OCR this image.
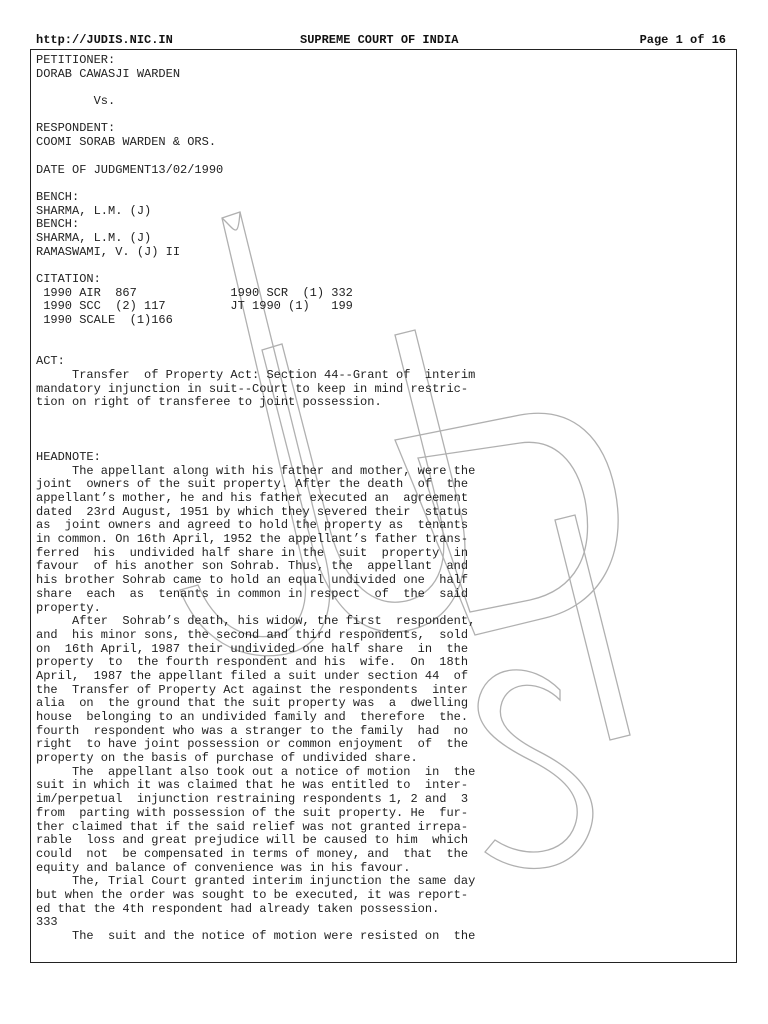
http://JUDIS.NIC.IN	SUPREME COURT OF INDIA	Page 1 of 16
PETITIONER:
DORAB CAWASJI WARDEN
Vs.
RESPONDENT:
COOMI SORAB WARDEN & ORS.
DATE OF JUDGMENT13/02/1990
BENCH:
SHARMA, L.M. (J)
BENCH:
SHARMA, L.M. (J)
RAMASWAMI, V. (J) II
CITATION:
1990 AIR  867             1990 SCR  (1) 332
1990 SCC  (2) 117         JT 1990 (1)   199
1990 SCALE  (1)166
ACT:
Transfer  of Property Act: Section 44--Grant of  interim
mandatory injunction in suit--Court to keep in mind restric-
tion on right of transferee to joint possession.
HEADNOTE:
The appellant along with his father and mother, were the
joint  owners of the suit property. After the death  of  the
appellant’s mother, he and his father executed an  agreement
dated  23rd August, 1951 by which they severed their  status
as  joint owners and agreed to hold the property as  tenants
in common. On 16th April, 1952 the appellant’s father trans-
ferred  his  undivided half share in the  suit  property  in
favour  of his another son Sohrab. Thus, the  appellant  and
his brother Sohrab came to hold an equal undivided one  half
share  each  as  tenants in common in respect  of  the  said
property.
After  Sohrab’s death, his widow, the first  respondent,
and  his minor sons, the second and third respondents,  sold
on  16th April, 1987 their undivided one half share  in  the
property  to  the fourth respondent and his  wife.  On  18th
April,  1987 the appellant filed a suit under section 44  of
the  Transfer of Property Act against the respondents  inter
alia  on  the ground that the suit property was  a  dwelling
house  belonging to an undivided family and  therefore  the.
fourth  respondent who was a stranger to the family  had  no
right  to have joint possession or common enjoyment  of  the
property on the basis of purchase of undivided share.
The  appellant also took out a notice of motion  in  the
suit in which it was claimed that he was entitled to  inter-
im/perpetual  injunction restraining respondents 1, 2 and  3
from  parting with possession of the suit property. He  fur-
ther claimed that if the said relief was not granted irrepa-
rable  loss and great prejudice will be caused to him  which
could  not  be compensated in terms of money, and  that  the
equity and balance of convenience was in his favour.
The, Trial Court granted interim injunction the same day
but when the order was sought to be executed, it was report-
ed that the 4th respondent had already taken possession.
333
The  suit and the notice of motion were resisted on  the
